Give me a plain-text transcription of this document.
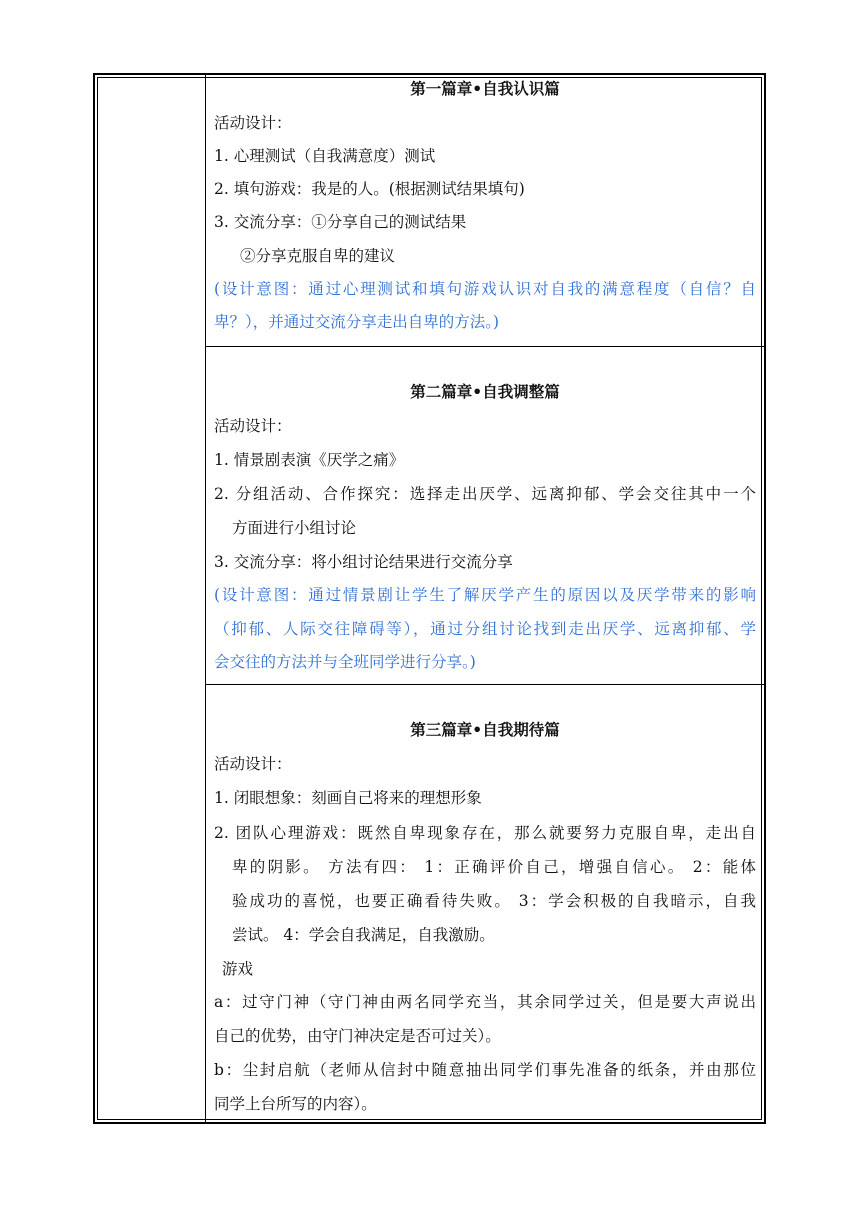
第一篇章•自我认识篇
活动设计：
1. 心理测试（自我满意度）测试
2. 填句游戏：我是的人。(根据测试结果填句)
3. 交流分享：①分享自己的测试结果
②分享克服自卑的建议
(设计意图：通过心理测试和填句游戏认识对自我的满意程度（自信？自
卑？），并通过交流分享走出自卑的方法。)
第二篇章•自我调整篇
活动设计：
1. 情景剧表演《厌学之痛》
2. 分组活动、合作探究：选择走出厌学、远离抑郁、学会交往其中一个
方面进行小组讨论
3. 交流分享：将小组讨论结果进行交流分享
(设计意图：通过情景剧让学生了解厌学产生的原因以及厌学带来的影响
（抑郁、人际交往障碍等），通过分组讨论找到走出厌学、远离抑郁、学
会交往的方法并与全班同学进行分享。)
第三篇章•自我期待篇
活动设计：
1. 闭眼想象：刻画自己将来的理想形象
2. 团队心理游戏：既然自卑现象存在，那么就要努力克服自卑，走出自
卑的阴影。 方法有四： 1：正确评价自己，增强自信心。 2：能体
验成功的喜悦，也要正确看待失败。 3：学会积极的自我暗示，自我
尝试。 4：学会自我满足，自我激励。
游戏
a：过守门神（守门神由两名同学充当，其余同学过关，但是要大声说出
自己的优势，由守门神决定是否可过关）。
b：尘封启航（老师从信封中随意抽出同学们事先准备的纸条，并由那位
同学上台所写的内容）。
